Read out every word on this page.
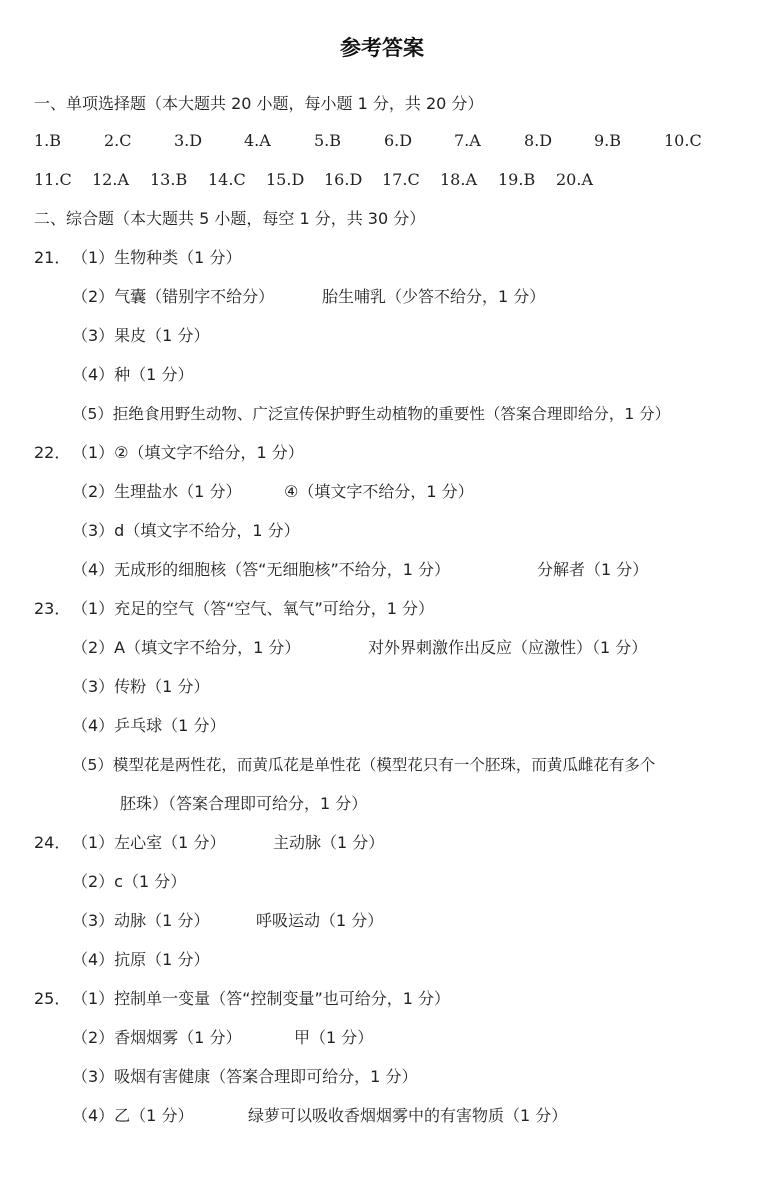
参考答案
一、单项选择题（本大题共 20 小题，每小题 1 分，共 20 分）
1.B	2.C	3.D	4.A	5.B	6.D	7.A	8.D	9.B	10.C
11.C 12.A 13.B 14.C 15.D 16.D 17.C 18.A 19.B 20.A
二、综合题（本大题共 5 小题，每空 1 分，共 30 分）
21． （1）生物种类（1 分）
（2）气囊（错别字不给分）	胎生哺乳（少答不给分，1 分）
（3）果皮（1 分）
（4）种（1 分）
（5）拒绝食用野生动物、广泛宣传保护野生动植物的重要性（答案合理即给分，1 分）
22． （1）②（填文字不给分，1 分）
（2）生理盐水（1 分）	④（填文字不给分，1 分）
（3）d（填文字不给分，1 分）
（4）无成形的细胞核（答“无细胞核”不给分，1 分）	分解者（1 分）
23． （1）充足的空气（答“空气、氧气”可给分，1 分）
（2）A（填文字不给分，1 分）	对外界刺激作出反应（应激性）（1 分）
（3）传粉（1 分）
（4）乒乓球（1 分）
（5）模型花是两性花，而黄瓜花是单性花（模型花只有一个胚珠，而黄瓜雌花有多个
胚珠）（答案合理即可给分，1 分）
24． （1）左心室（1 分）	主动脉（1 分）
（2）c（1 分）
（3）动脉（1 分）	呼吸运动（1 分）
（4）抗原（1 分）
25． （1）控制单一变量（答“控制变量”也可给分，1 分）
（2）香烟烟雾（1 分）	甲（1 分）
（3）吸烟有害健康（答案合理即可给分，1 分）
（4）乙（1 分）	绿萝可以吸收香烟烟雾中的有害物质（1 分）
